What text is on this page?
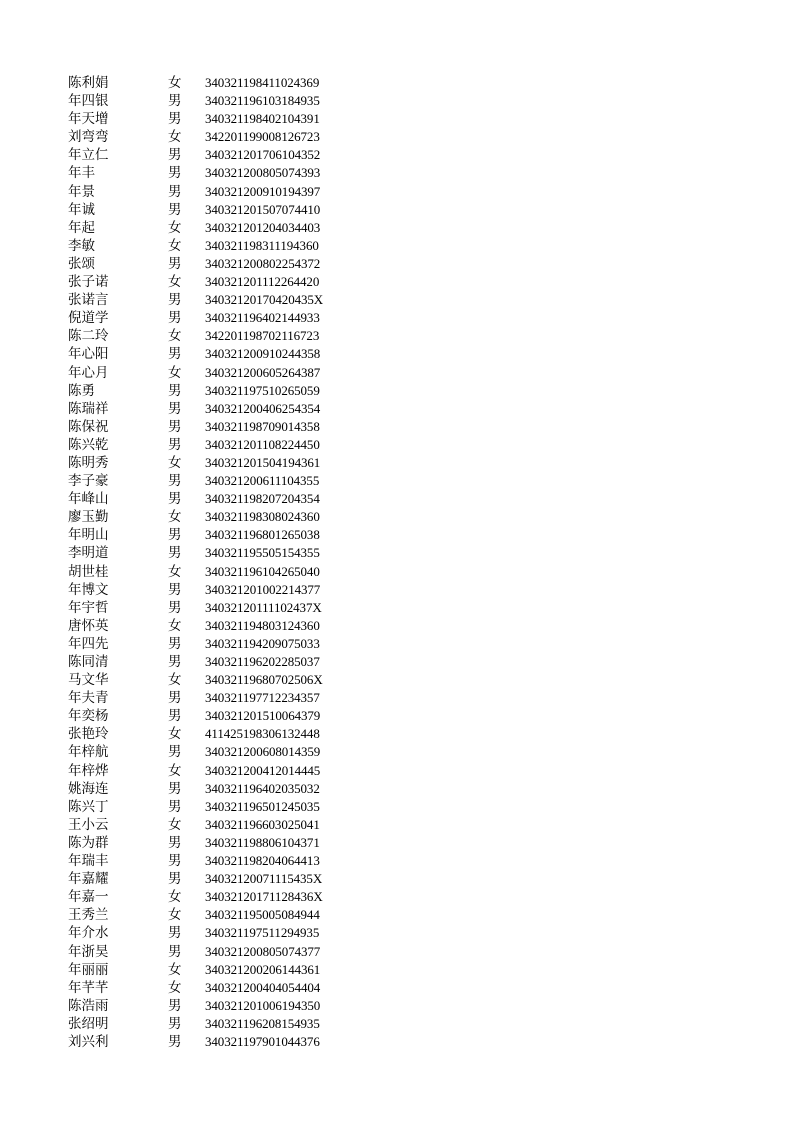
陈利娟	女 340321198411024369
年四银	男 340321196103184935
年天增	男 340321198402104391
刘弯弯	女 342201199008126723
年立仁	男 340321201706104352
年丰	男 340321200805074393
年景	男 340321200910194397
年诚	男 340321201507074410
年起	女 340321201204034403
李敏	女 340321198311194360
张颂	男 340321200802254372
张子诺	女 340321201112264420
张诺言	男 34032120170420435X
倪道学	男 340321196402144933
陈二玲	女 342201198702116723
年心阳	男 340321200910244358
年心月	女 340321200605264387
陈勇	男 340321197510265059
陈瑞祥	男 340321200406254354
陈保祝	男 340321198709014358
陈兴乾	男 340321201108224450
陈明秀	女 340321201504194361
李子豪	男 340321200611104355
年峰山	男 340321198207204354
廖玉勤	女 340321198308024360
年明山	男 340321196801265038
李明道	男 340321195505154355
胡世桂	女 340321196104265040
年博文	男 340321201002214377
年宇哲	男 34032120111102437X
唐怀英	女 340321194803124360
年四先	男 340321194209075033
陈同清	男 340321196202285037
马文华	女 34032119680702506X
年夫青	男 340321197712234357
年奕杨	男 340321201510064379
张艳玲	女 411425198306132448
年梓航	男 340321200608014359
年梓烨	女 340321200412014445
姚海连	男 340321196402035032
陈兴丁	男 340321196501245035
王小云	女 340321196603025041
陈为群	男 340321198806104371
年瑞丰	男 340321198204064413
年嘉耀	男 34032120071115435X
年嘉一	女 34032120171128436X
王秀兰	女 340321195005084944
年介水	男 340321197511294935
年浙昊	男 340321200805074377
年丽丽	女 340321200206144361
年芊芊	女 340321200404054404
陈浩雨	男 340321201006194350
张绍明	男 340321196208154935
刘兴利	男 340321197901044376
